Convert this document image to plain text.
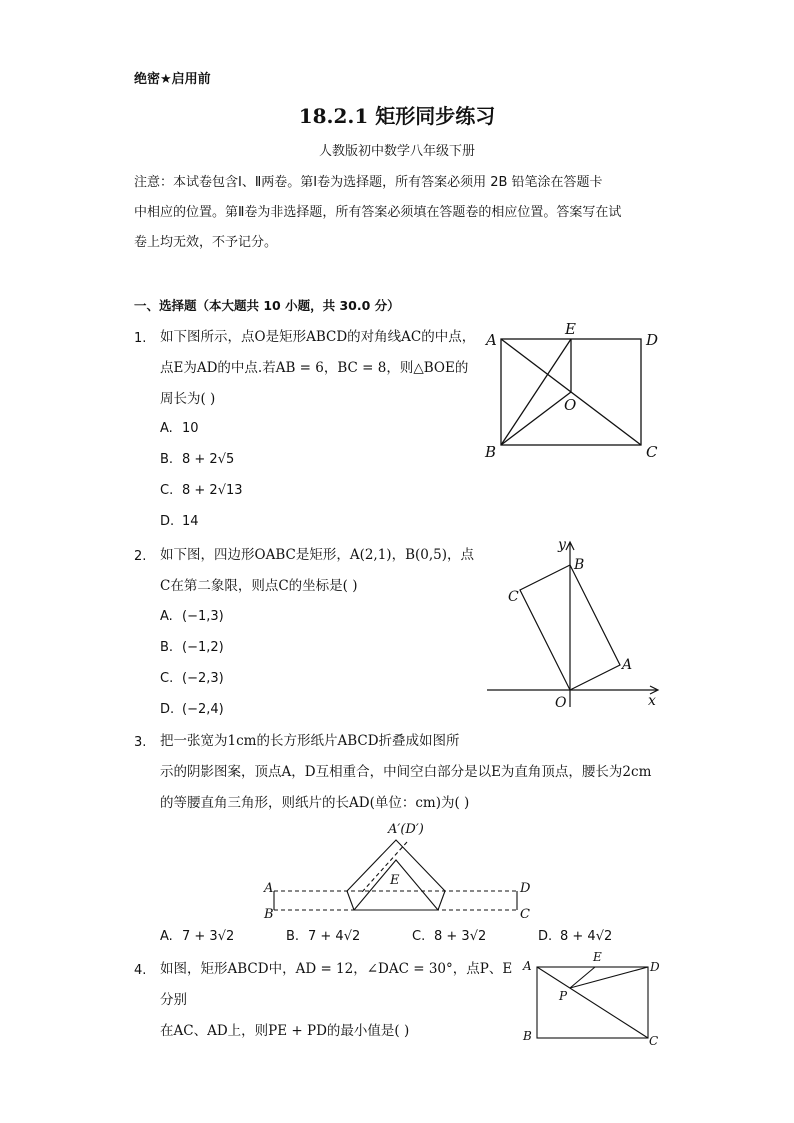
绝密★启用前
18.2.1 矩形同步练习
人教版初中数学八年级下册
注意：本试卷包含Ⅰ、Ⅱ两卷。第Ⅰ卷为选择题，所有答案必须用 2B 铅笔涂在答题卡
中相应的位置。第Ⅱ卷为非选择题，所有答案必须填在答题卷的相应位置。答案写在试
卷上均无效，不予记分。
一、选择题（本大题共 10 小题，共 30.0 分）
1. 如下图所示，点O是矩形ABCD的对角线AC的中点，
点E为AD的中点.若AB = 6，BC = 8，则△BOE的
周长为( )
A. 10
B. 8 + 2√5
C. 8 + 2√13
D. 14
A
E
D
O
B	C
2. 如下图，四边形OABC是矩形，A(2,1)，B(0,5)，点
C在第二象限，则点C的坐标是( )
A. (−1,3)
B. (−1,2)
C. (−2,3)
D. (−2,4)
y
x
B
C
A
O
3. 把一张宽为1cm的长方形纸片ABCD折叠成如图所
示的阴影图案，顶点A，D互相重合，中间空白部分是以E为直角顶点，腰长为2cm
的等腰直角三角形，则纸片的长AD(单位：cm)为( )
A′(D′)
E
A
B
D
C
A. 7 + 3√2	B. 7 + 4√2	C. 8 + 3√2	D. 8 + 4√2
4. 如图，矩形ABCD中，AD = 12，∠DAC = 30°，点P、E分别
在AC、AD上，则PE + PD的最小值是( )
A
E
D
P
B	C
